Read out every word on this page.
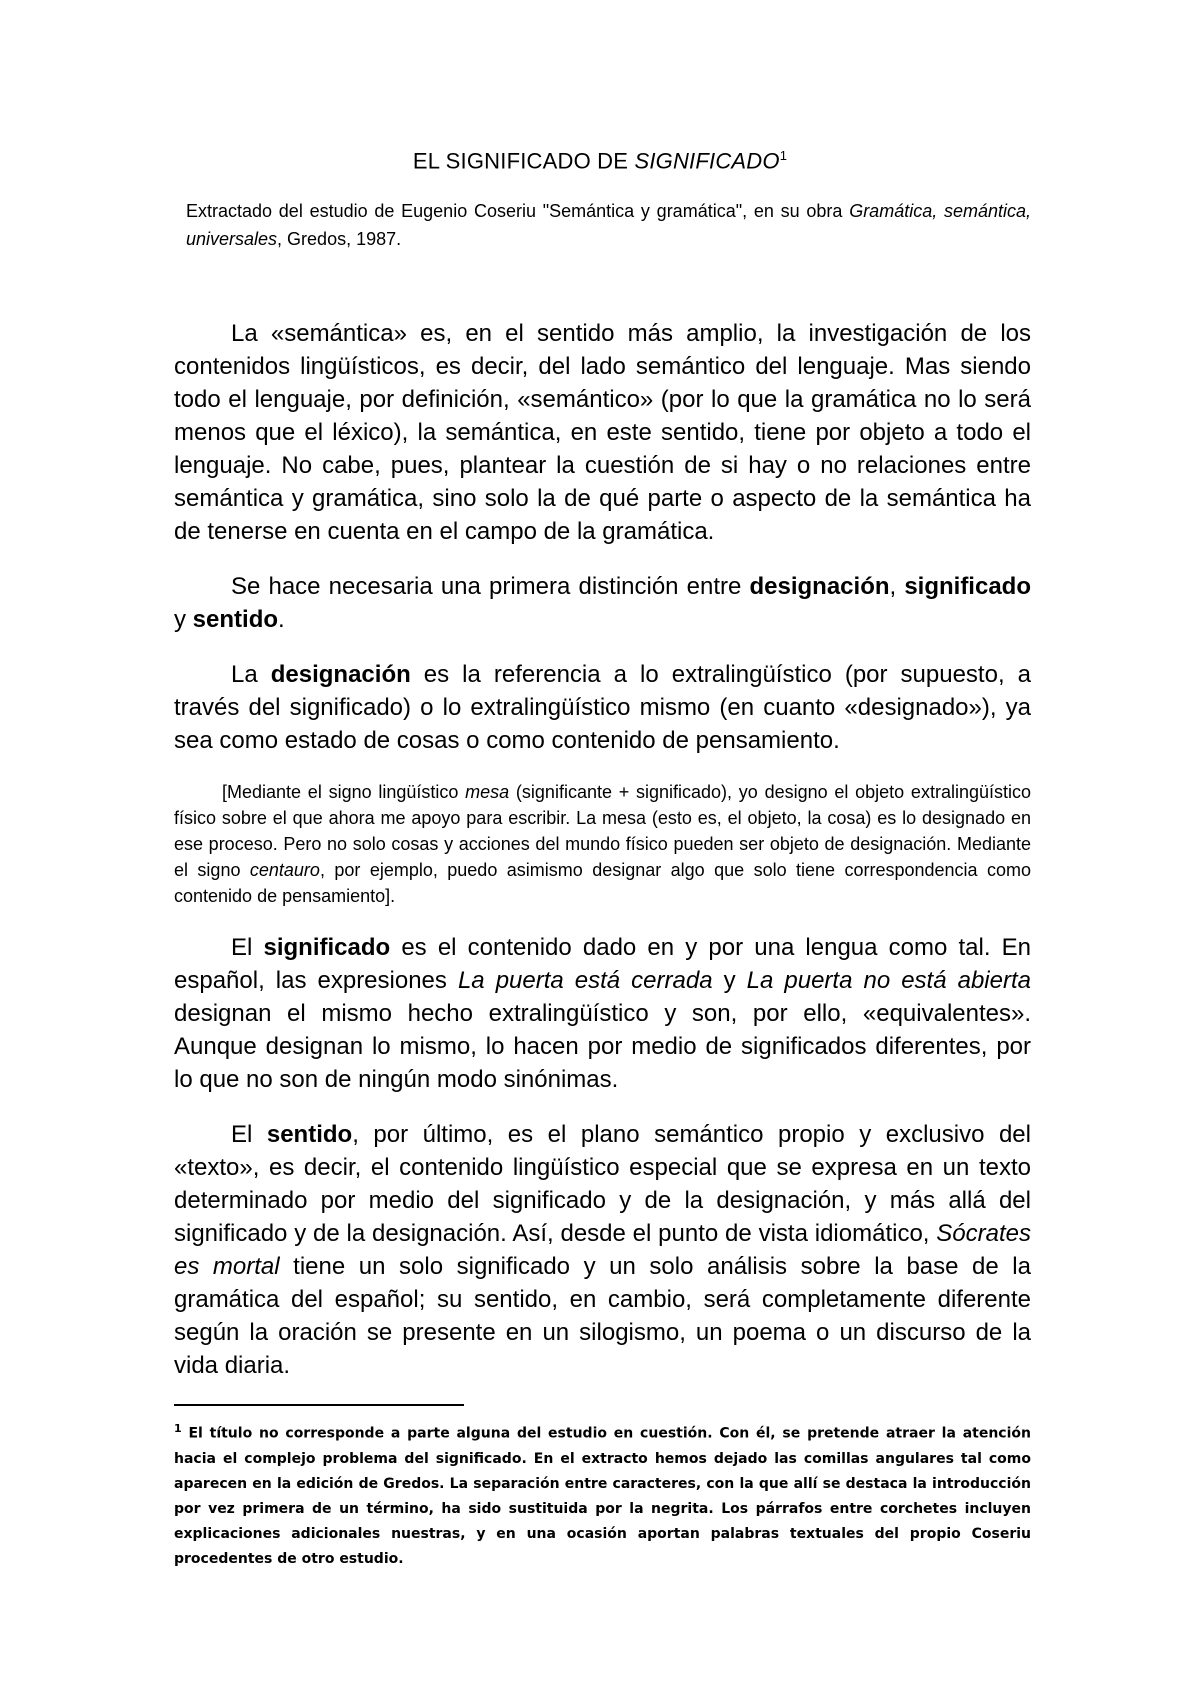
EL SIGNIFICADO DE SIGNIFICADO$^1$
Extractado del estudio de Eugenio Coseriu "Semántica y gramática", en su obra Gramática, semántica, universales, Gredos, 1987.

La «semántica» es, en el sentido más amplio, la investigación de los contenidos lingüísticos, es decir, del lado semántico del lenguaje. Mas siendo todo el lenguaje, por definición, «semántico» (por lo que la gramática no lo será menos que el léxico), la semántica, en este sentido, tiene por objeto a todo el lenguaje. No cabe, pues, plantear la cuestión de si hay o no relaciones entre semántica y gramática, sino solo la de qué parte o aspecto de la semántica ha de tenerse en cuenta en el campo de la gramática.

Se hace necesaria una primera distinción entre designación, significado y sentido.

La designación es la referencia a lo extralingüístico (por supuesto, a través del significado) o lo extralingüístico mismo (en cuanto «designado»), ya sea como estado de cosas o como contenido de pensamiento.

[Mediante el signo lingüístico mesa (significante + significado), yo designo el objeto extralingüístico físico sobre el que ahora me apoyo para escribir. La mesa (esto es, el objeto, la cosa) es lo designado en ese proceso. Pero no solo cosas y acciones del mundo físico pueden ser objeto de designación. Mediante el signo centauro, por ejemplo, puedo asimismo designar algo que solo tiene correspondencia como contenido de pensamiento].

El significado es el contenido dado en y por una lengua como tal. En español, las expresiones La puerta está cerrada y La puerta no está abierta designan el mismo hecho extralingüístico y son, por ello, «equivalentes». Aunque designan lo mismo, lo hacen por medio de significados diferentes, por lo que no son de ningún modo sinónimas.

El sentido, por último, es el plano semántico propio y exclusivo del «texto», es decir, el contenido lingüístico especial que se expresa en un texto determinado por medio del significado y de la designación, y más allá del significado y de la designación. Así, desde el punto de vista idiomático, Sócrates es mortal tiene un solo significado y un solo análisis sobre la base de la gramática del español; su sentido, en cambio, será completamente diferente según la oración se presente en un silogismo, un poema o un discurso de la vida diaria.

$^1$ El título no corresponde a parte alguna del estudio en cuestión. Con él, se pretende atraer la atención hacia el complejo problema del significado. En el extracto hemos dejado las comillas angulares tal como aparecen en la edición de Gredos. La separación entre caracteres, con la que allí se destaca la introducción por vez primera de un término, ha sido sustituida por la negrita. Los párrafos entre corchetes incluyen explicaciones adicionales nuestras, y en una ocasión aportan palabras textuales del propio Coseriu procedentes de otro estudio.
